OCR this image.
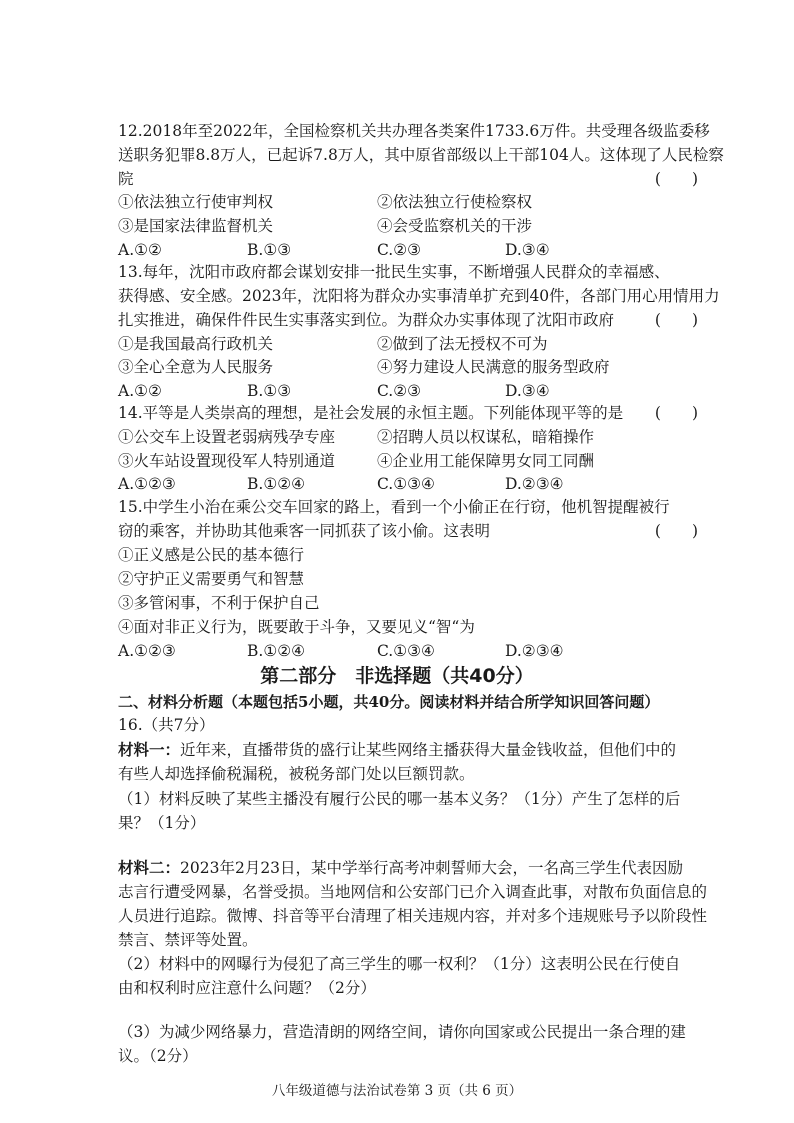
12.2018年至2022年，全国检察机关共办理各类案件1733.6万件。共受理各级监委移
送职务犯罪8.8万人，已起诉7.8万人，其中原省部级以上干部104人。这体现了人民检察
院	(　　)
①依法独立行使审判权	②依法独立行使检察权
③是国家法律监督机关	④会受监察机关的干涉
A.①②	B.①③	C.②③	D.③④
13.每年，沈阳市政府都会谋划安排一批民生实事，不断增强人民群众的幸福感、
获得感、安全感。2023年，沈阳将为群众办实事清单扩充到40件，各部门用心用情用力
扎实推进，确保件件民生实事落实到位。为群众办实事体现了沈阳市政府	(　　)
①是我国最高行政机关	②做到了法无授权不可为
③全心全意为人民服务	④努力建设人民满意的服务型政府
A.①②	B.①③	C.②③	D.③④
14.平等是人类崇高的理想，是社会发展的永恒主题。下列能体现平等的是	(　　)
①公交车上设置老弱病残孕专座	②招聘人员以权谋私，暗箱操作
③火车站设置现役军人特别通道	④企业用工能保障男女同工同酬
A.①②③	B.①②④	C.①③④	D.②③④
15.中学生小治在乘公交车回家的路上，看到一个小偷正在行窃，他机智提醒被行
窃的乘客，并协助其他乘客一同抓获了该小偷。这表明	(　　)
①正义感是公民的基本德行
②守护正义需要勇气和智慧
③多管闲事，不利于保护自己
④面对非正义行为，既要敢于斗争，又要见义“智“为
A.①②③	B.①②④	C.①③④	D.②③④
第二部分　非选择题（共40分）
二、材料分析题（本题包括5小题，共40分。阅读材料并结合所学知识回答问题）
16.（共7分）
材料一：近年来，直播带货的盛行让某些网络主播获得大量金钱收益，但他们中的
有些人却选择偷税漏税，被税务部门处以巨额罚款。
（1）材料反映了某些主播没有履行公民的哪一基本义务？（1分）产生了怎样的后
果？（1分）
材料二：2023年2月23日，某中学举行高考冲刺誓师大会，一名高三学生代表因励
志言行遭受网暴，名誉受损。当地网信和公安部门已介入调查此事，对散布负面信息的
人员进行追踪。微博、抖音等平台清理了相关违规内容，并对多个违规账号予以阶段性
禁言、禁评等处置。
（2）材料中的网曝行为侵犯了高三学生的哪一权利？（1分）这表明公民在行使自
由和权利时应注意什么问题？（2分）
（3）为减少网络暴力，营造清朗的网络空间，请你向国家或公民提出一条合理的建
议。（2分）
八年级道德与法治试卷第 3 页（共 6 页）
